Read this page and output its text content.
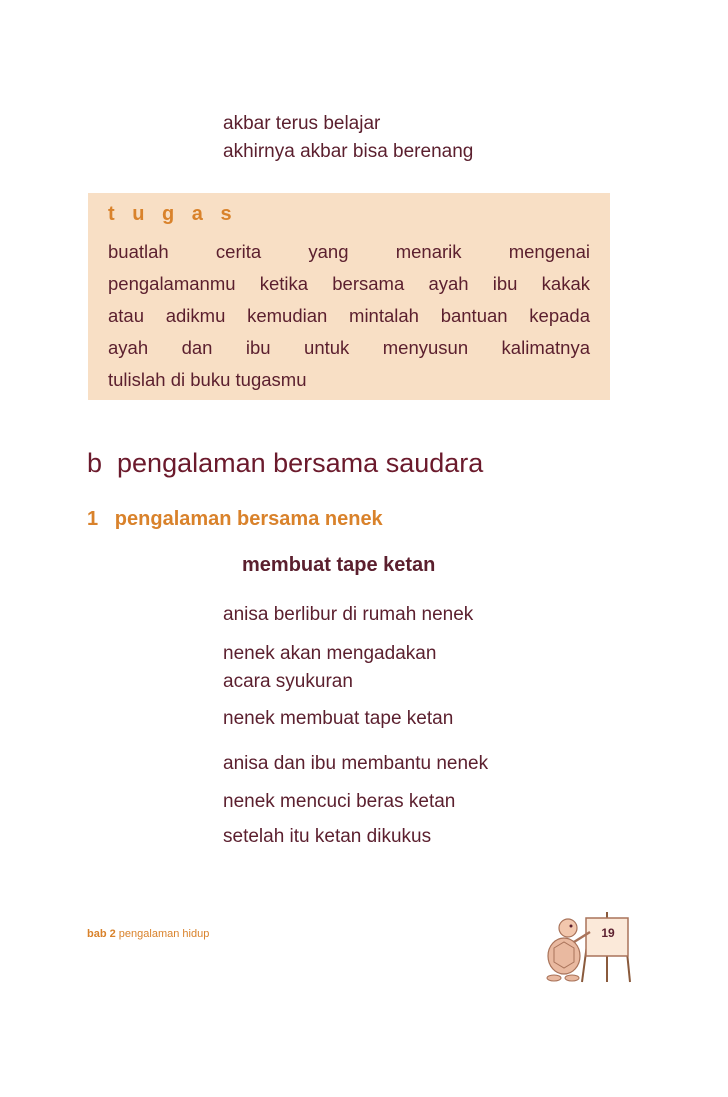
akbar terus belajar
akhirnya akbar bisa berenang
t u g a s
buatlah cerita yang menarik mengenai
pengalamanmu ketika bersama ayah ibu kakak
atau adikmu kemudian mintalah bantuan kepada
ayah dan ibu untuk menyusun kalimatnya
tulislah di buku tugasmu
b  pengalaman bersama saudara
1   pengalaman bersama nenek
membuat tape ketan
anisa berlibur di rumah nenek
nenek akan mengadakan
acara syukuran
nenek membuat tape ketan
anisa dan ibu membantu nenek
nenek mencuci beras ketan
setelah itu ketan dikukus
bab 2 pengalaman hidup	19
